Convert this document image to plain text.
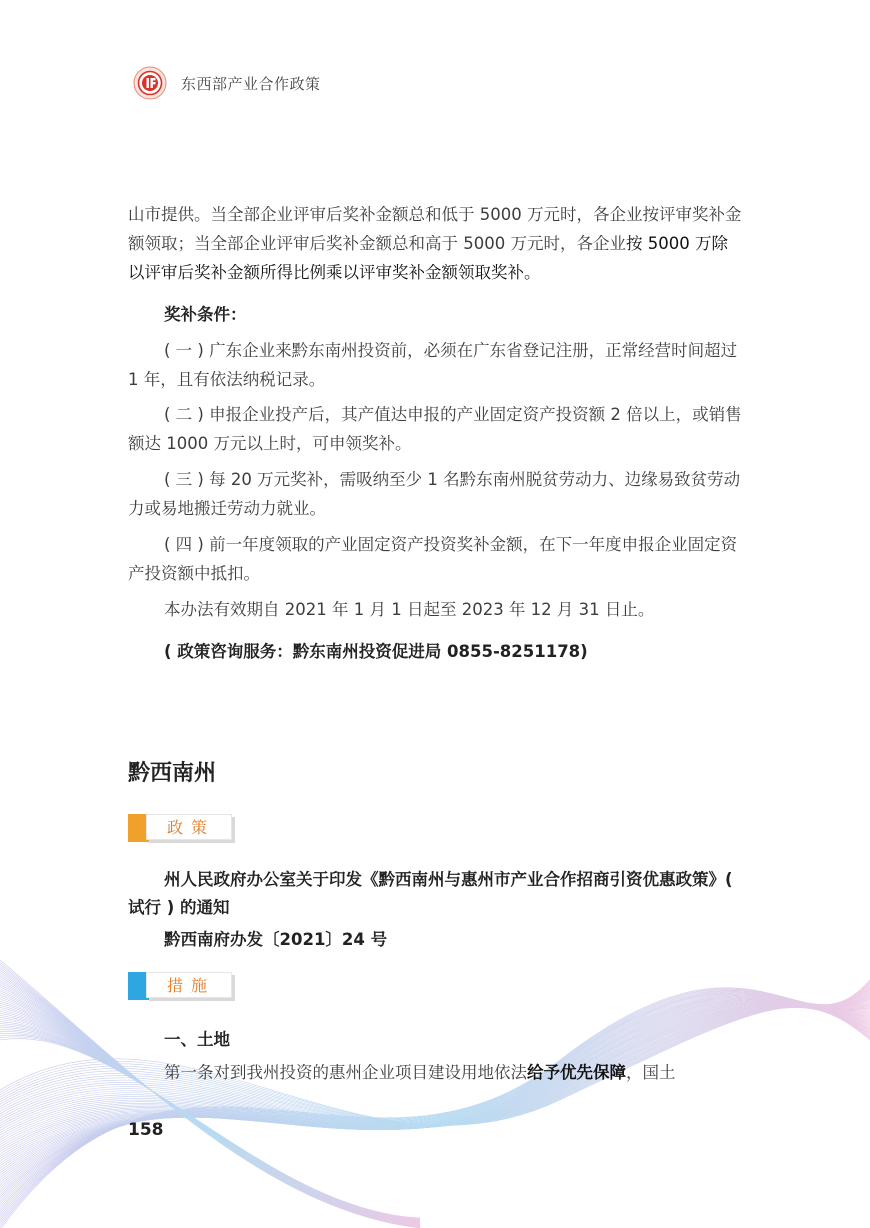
东西部产业合作政策

山市提供。当全部企业评审后奖补金额总和低于 5000 万元时，各企业按评审奖补金额领取；当全部企业评审后奖补金额总和高于 5000 万元时，各企业按 5000 万除以评审后奖补金额所得比例乘以评审奖补金额领取奖补。

奖补条件：

( 一 ) 广东企业来黔东南州投资前，必须在广东省登记注册，正常经营时间超过 1 年，且有依法纳税记录。

( 二 ) 申报企业投产后，其产值达申报的产业固定资产投资额 2 倍以上，或销售额达 1000 万元以上时，可申领奖补。

( 三 ) 每 20 万元奖补，需吸纳至少 1 名黔东南州脱贫劳动力、边缘易致贫劳动力或易地搬迁劳动力就业。

( 四 ) 前一年度领取的产业固定资产投资奖补金额，在下一年度申报企业固定资产投资额中抵扣。

本办法有效期自 2021 年 1 月 1 日起至 2023 年 12 月 31 日止。

( 政策咨询服务：黔东南州投资促进局 0855-8251178)

黔西南州
政策

州人民政府办公室关于印发《黔西南州与惠州市产业合作招商引资优惠政策》( 试行 ) 的通知

黔西南府办发〔2021〕24 号

措施

一、土地

第一条对到我州投资的惠州企业项目建设用地依法给予优先保障，国土

158
